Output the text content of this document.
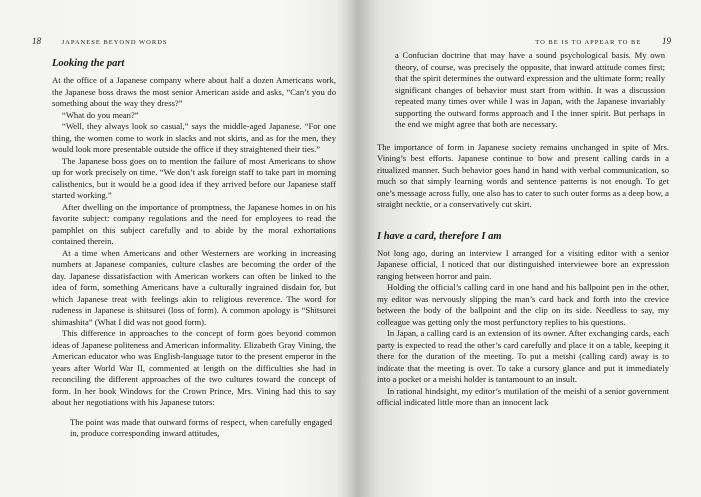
18	JAPANESE BEYOND WORDS
Looking the part

At the office of a Japanese company where about half a dozen Americans work, the Japanese boss draws the most senior American aside and asks, “Can’t you do something about the way they dress?”

“What do you mean?”

“Well, they always look so casual,” says the middle-aged Japanese. “For one thing, the women come to work in slacks and not skirts, and as for the men, they would look more presentable outside the office if they straightened their ties.”

The Japanese boss goes on to mention the failure of most Americans to show up for work precisely on time. “We don’t ask foreign staff to take part in morning calisthenics, but it would be a good idea if they arrived before our Japanese staff started working.”

After dwelling on the importance of promptness, the Japanese homes in on his favorite subject: company regulations and the need for employees to read the pamphlet on this subject carefully and to abide by the moral exhortations contained therein.

At a time when Americans and other Westerners are working in increasing numbers at Japanese companies, culture clashes are becoming the order of the day. Japanese dissatisfaction with American workers can often be linked to the idea of form, something Americans have a culturally ingrained disdain for, but which Japanese treat with feelings akin to religious reverence. The word for rudeness in Japanese is shitsurei (loss of form). A common apology is “Shitsurei shimashita” (What I did was not good form).

This difference in approaches to the concept of form goes beyond common ideas of Japanese politeness and American informality. Elizabeth Gray Vining, the American educator who was English-language tutor to the present emperor in the years after World War II, commented at length on the difficulties she had in reconciling the different approaches of the two cultures toward the concept of form. In her book Windows for the Crown Prince, Mrs. Vining had this to say about her negotiations with his Japanese tutors:

The point was made that outward forms of respect, when carefully engaged in, produce corresponding inward attitudes,

TO BE IS TO APPEAR TO BE 19

a Confucian doctrine that may have a sound psychological basis. My own theory, of course, was precisely the opposite, that inward attitude comes first; that the spirit determines the outward expression and the ultimate form; really significant changes of behavior must start from within. It was a discussion repeated many times over while I was in Japan, with the Japanese invariably supporting the outward forms approach and I the inner spirit. But perhaps in the end we might agree that both are necessary.

The importance of form in Japanese society remains unchanged in spite of Mrs. Vining’s best efforts. Japanese continue to bow and present calling cards in a ritualized manner. Such behavior goes hand in hand with verbal communication, so much so that simply learning words and sentence patterns is not enough. To get one’s message across fully, one also has to cater to such outer forms as a deep bow, a straight necktie, or a conservatively cut skirt.

I have a card, therefore I am

Not long ago, during an interview I arranged for a visiting editor with a senior Japanese official, I noticed that our distinguished interviewee bore an expression ranging between horror and pain.

Holding the official’s calling card in one hand and his ballpoint pen in the other, my editor was nervously slipping the man’s card back and forth into the crevice between the body of the ballpoint and the clip on its side. Needless to say, my colleague was getting only the most perfunctory replies to his questions.

In Japan, a calling card is an extension of its owner. After exchanging cards, each party is expected to read the other’s card carefully and place it on a table, keeping it there for the duration of the meeting. To put a meishi (calling card) away is to indicate that the meeting is over. To take a cursory glance and put it immediately into a pocket or a meishi holder is tantamount to an insult.

In rational hindsight, my editor’s mutilation of the meishi of a senior government official indicated little more than an innocent lack
